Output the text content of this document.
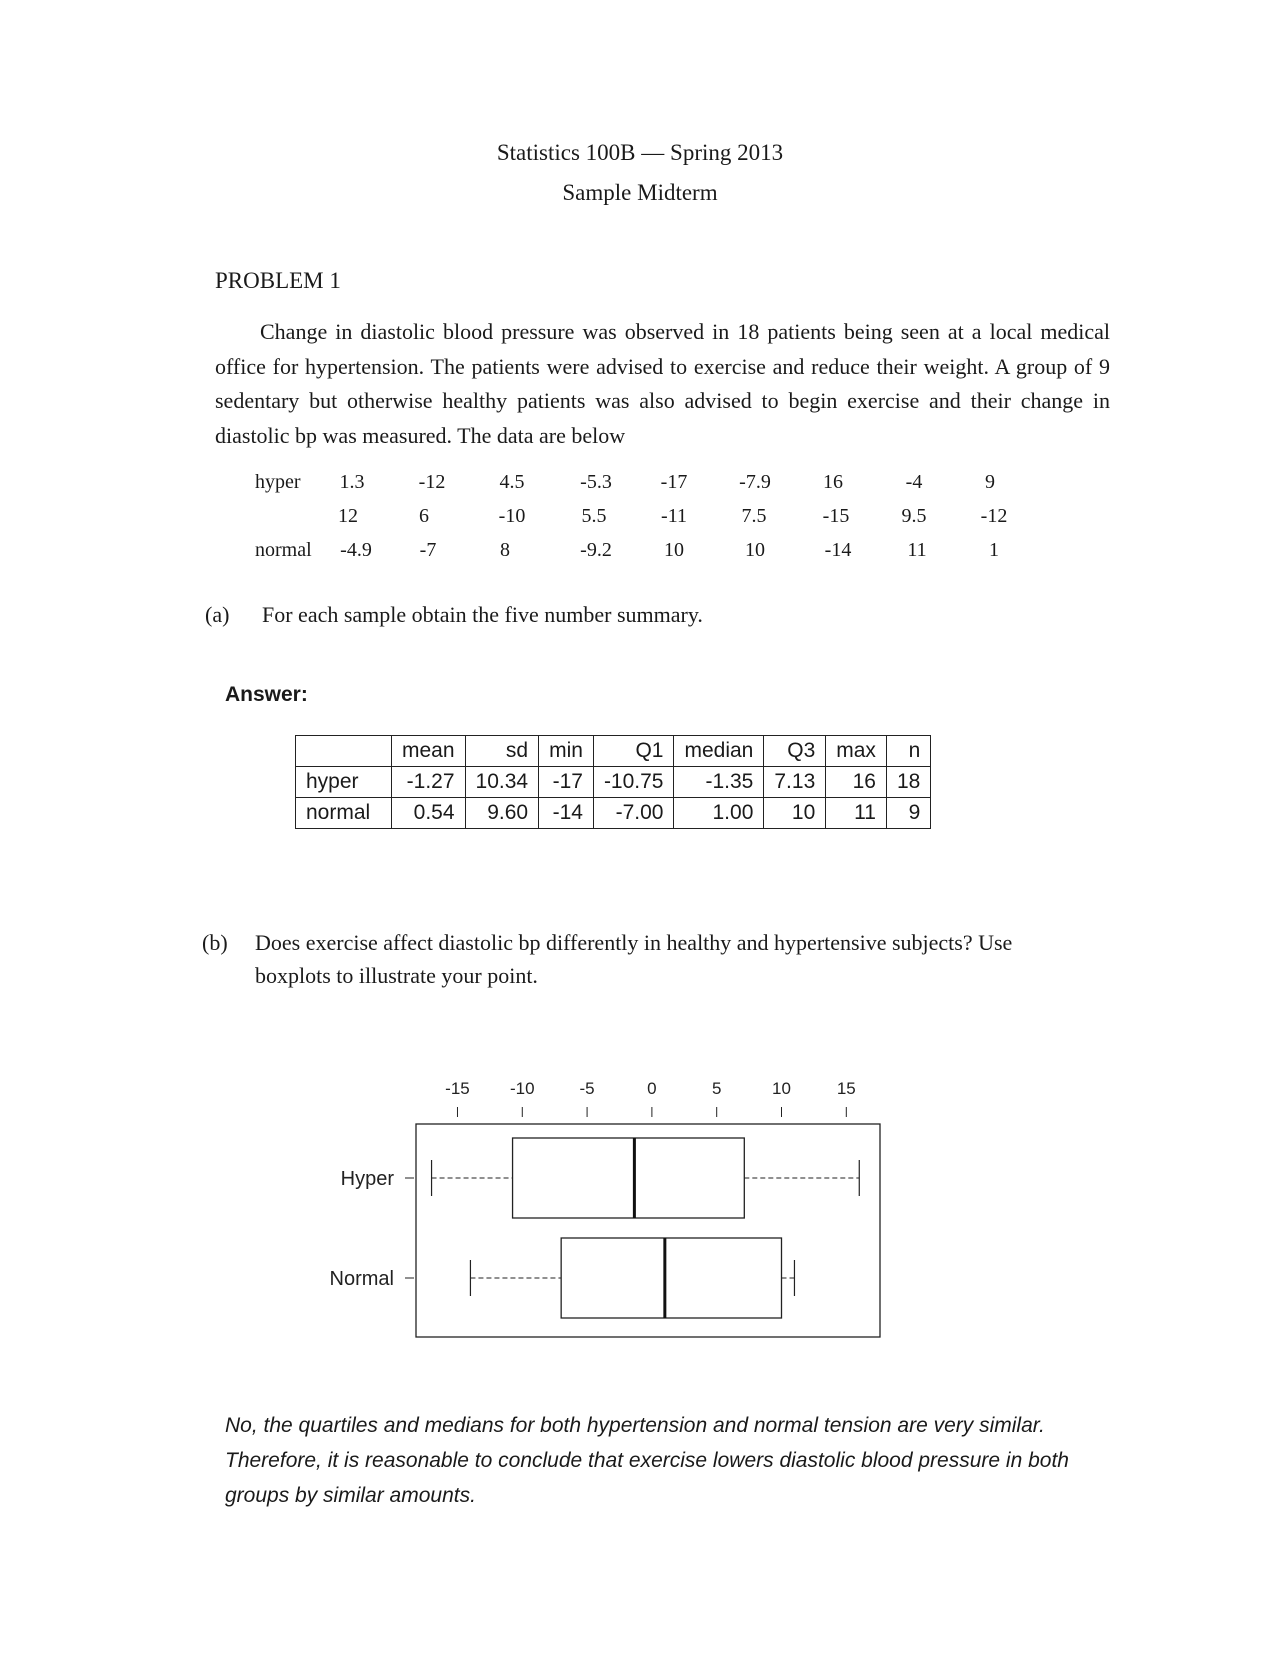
Statistics 100B — Spring 2013
Sample Midterm
PROBLEM 1

Change in diastolic blood pressure was observed in 18 patients being seen at a local medical office for hypertension. The patients were advised to exercise and reduce their weight. A group of 9 sedentary but otherwise healthy patients was also advised to begin exercise and their change in diastolic bp was measured. The data are below

hyper 1.3	-12	4.5	-5.3 -17	-7.9	16	-4	9
12	6	-10	5.5	-11	7.5	-15	9.5	-12
normal -4.9 -7	8	-9.2	10	10	-14	11	1
(a) For each sample obtain the five number summary.
Answer:
	mean	sd	min	Q1	median	Q3	max	n
hyper	-1.27	10.34	-17	-10.75	-1.35	7.13	16	18
normal	0.54	9.60	-14	-7.00	1.00	10	11	9
(b) Does exercise affect diastolic bp differently in healthy and hypertensive subjects? Use
boxplots to illustrate your point.
-15 -10	-5	0	5	10	15
Hyper
Normal
No, the quartiles and medians for both hypertension and normal tension are very similar.
Therefore, it is reasonable to conclude that exercise lowers diastolic blood pressure in both
groups by similar amounts.
